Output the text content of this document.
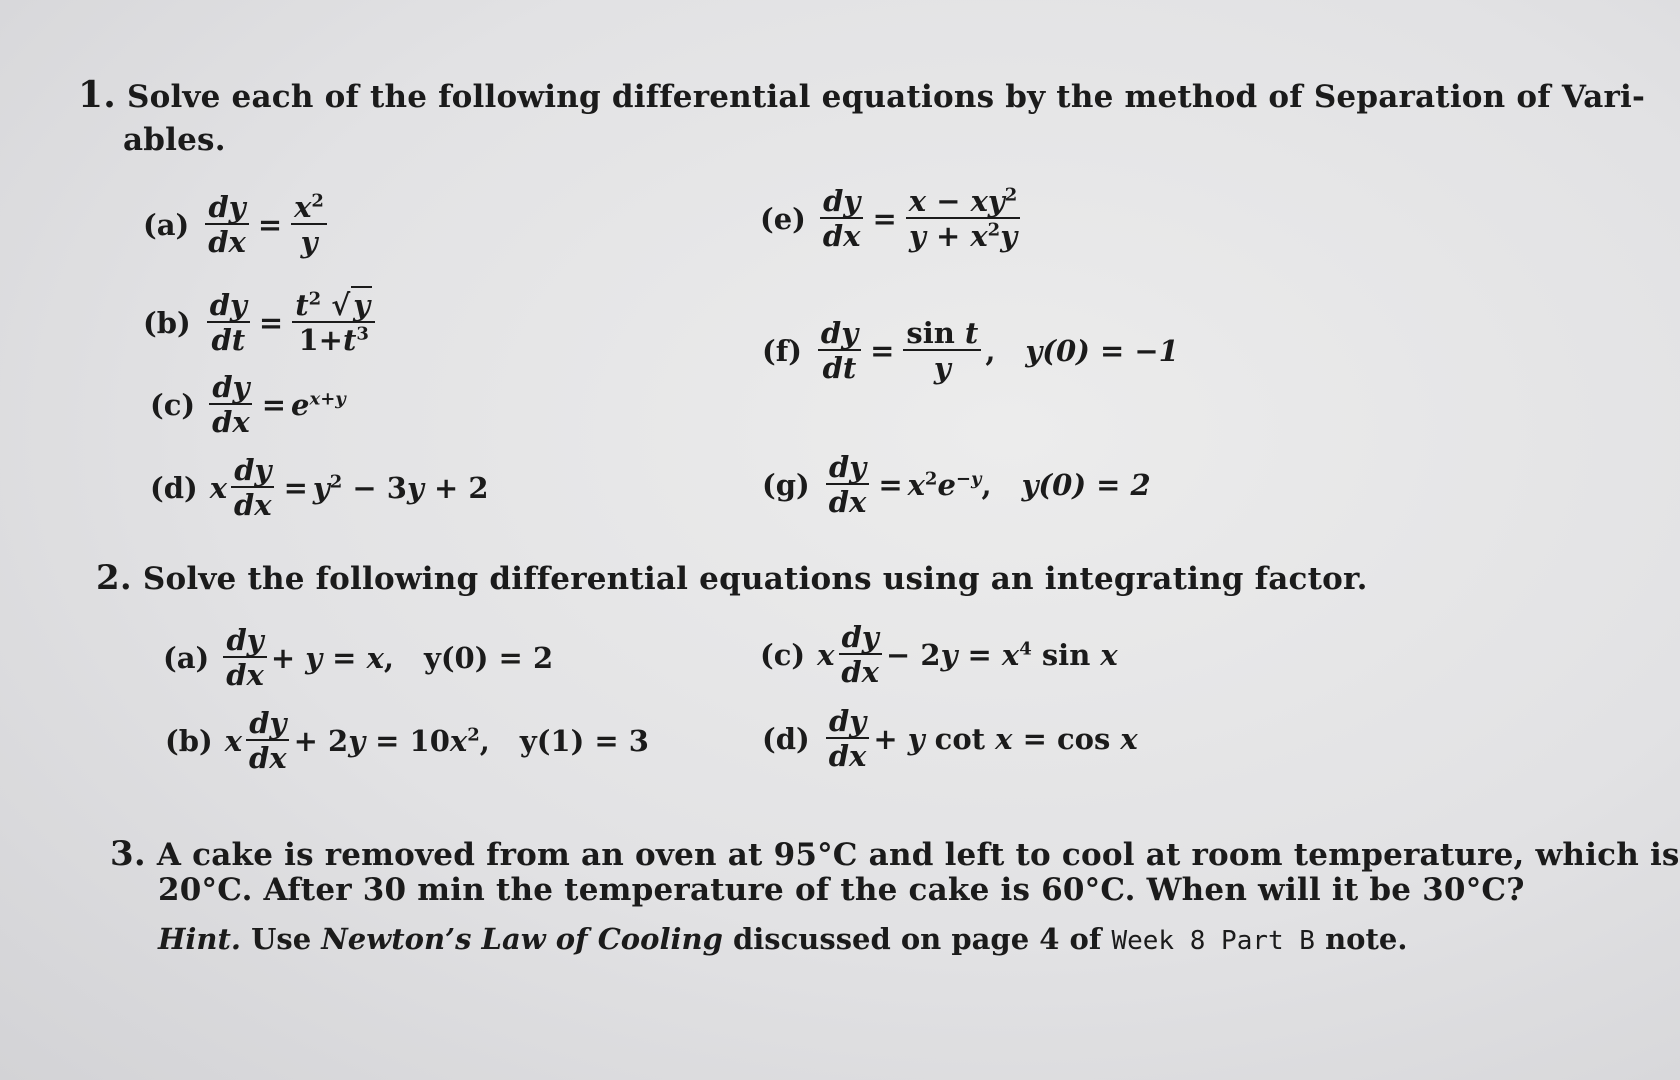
1. Solve each of the following differential equations by the method of Separation of Vari-
ables.
$(a) \frac{dy}{dx} = \frac{x^2}{y}$
$(b) \frac{dy}{dt} = \frac{t^2 √ y}{1+t^3}$
$(c) \frac{dy}{dx} = e^{x+y}$
(d) x $\frac{dy}{dx} = y^2 - 3y + 2$
$(e) \frac{dy}{dx} = \frac{x - xy^2}{y + x^2y}$
$(f) \frac{dy}{dt} = \frac{\text{sin t}}{y}$ , y(0) = −1
$(g) \frac{dy}{dx} = x^2e^{-y}$, y(0) = 2
2. Solve the following differential equations using an integrating factor.
$(a) \frac{dy}{dx} + y = x$, y(0) = 2
(b) x $\frac{dy}{dx} + 2y = 10x^2$, y(1) = 3
(c) x $\frac{dy}{dx} - 2y = x^4$ sin x
$(d) \frac{dy}{dx} + y$ cot x = cos x
3. A cake is removed from an oven at 95°C and left to cool at room temperature, which is
20°C. After 30 min the temperature of the cake is 60°C. When will it be 30°C?
Hint. Use Newton’s Law of Cooling discussed on page 4 of Week 8 Part B note.
